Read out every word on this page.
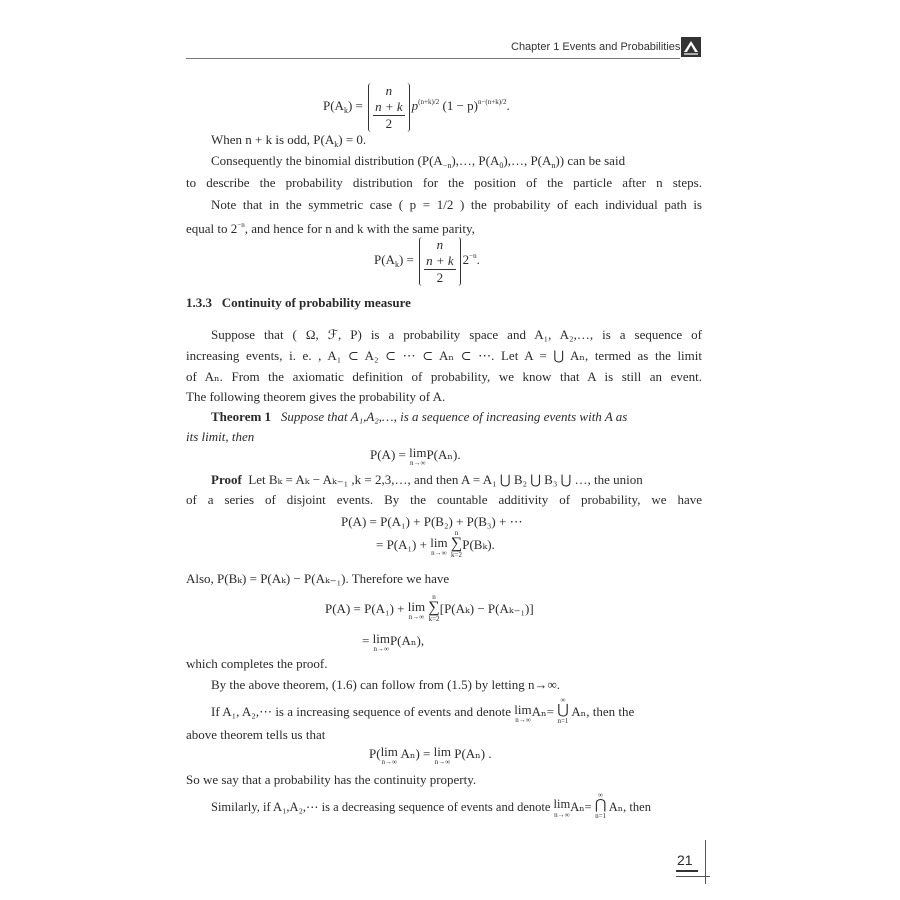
Chapter 1 Events and Probabilities
$P(A_k)$ =
n
$\frac{n + k}{2} p^{(n+k)/2}$ $(1 - p)^{n-(n+k)/2}$.
When n + k is odd, $P(A_k) = 0$.
Consequently the binomial distribution ($P(A_{-n}),\dots$, $P(A_0),\dots$, $P(A_n)$) can be said
to describe the probability distribution for the position of the particle after n steps.
Note that in the symmetric case ( p = 1/2 ) the probability of each individual path is
equal to $2^{-n}$, and hence for n and k with the same parity,
$P(A_k)$ =
n
$\frac{n + k}{2} 2^{-n}$.
1.3.3 Continuity of probability measure
Suppose that ( Ω, ℱ, P) is a probability space and A₁, A₂,…, is a sequence of
increasing events, i. e. , A₁ ⊂ A₂ ⊂ ⋯ ⊂ Aₙ ⊂ ⋯. Let A = ⋃ Aₙ, termed as the limit
of Aₙ. From the axiomatic definition of probability, we know that A is still an event.
The following theorem gives the probability of A.
Theorem 1 Suppose that A₁,A₂,…, is a sequence of increasing events with A as
its limit, then
P(A) = lim
n→∞
P(Aₙ).
Proof Let Bₖ = Aₖ − Aₖ₋₁ ,k = 2,3,…, and then A = A₁ ⋃ B₂ ⋃ B₃ ⋃ …, the union
of a series of disjoint events. By the countable additivity of probability, we have
P(A) = P(A₁) + P(B₂) + P(B₃) + ⋯
= P(A₁) + lim
n→∞

n
∑
k=2
P(Bₖ).
Also, P(Bₖ) = P(Aₖ) − P(Aₖ₋₁). Therefore we have
P(A) = P(A₁) + lim
n→∞

n
∑
k=2
[P(Aₖ) − P(Aₖ₋₁)]
= lim
n→∞
P(Aₙ),
which completes the proof.
By the above theorem, (1.6) can follow from (1.5) by letting n→∞.
If A₁, A₂,⋯ is a increasing sequence of events and denote lim
n→∞
Aₙ=
∞
⋃
n=1
Aₙ, then the
above theorem tells us that
P(lim
n→∞
Aₙ) = lim
n→∞
P(Aₙ) .
So we say that a probability has the continuity property.
Similarly, if A₁,A₂,⋯ is a decreasing sequence of events and denote lim
n→∞
Aₙ=
∞
⋂
n=1
Aₙ, then
21
